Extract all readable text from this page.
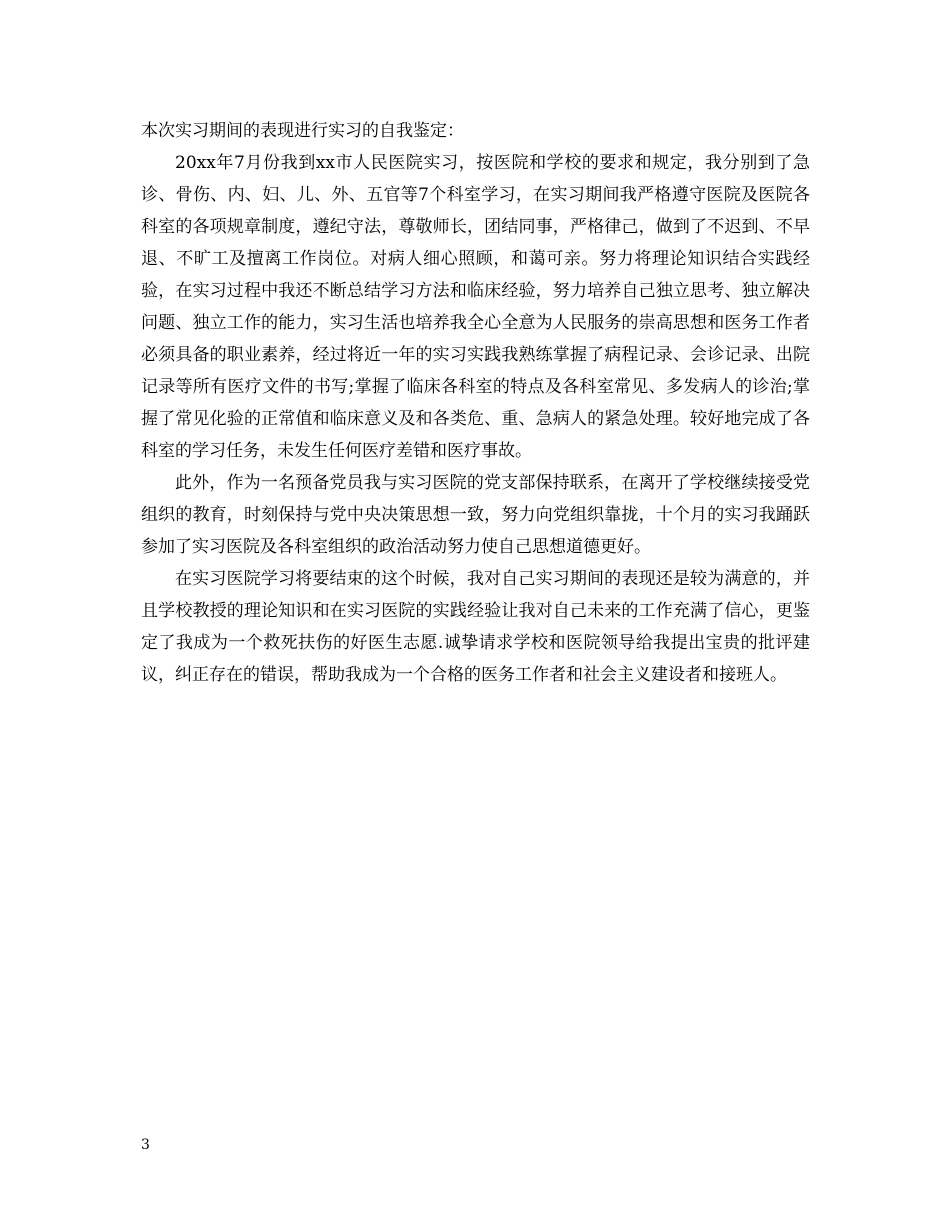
本次实习期间的表现进行实习的自我鉴定：

20xx年7月份我到xx市人民医院实习，按医院和学校的要求和规定，我分别到了急诊、骨伤、内、妇、儿、外、五官等7个科室学习，在实习期间我严格遵守医院及医院各科室的各项规章制度，遵纪守法，尊敬师长，团结同事，严格律己，做到了不迟到、不早退、不旷工及擅离工作岗位。对病人细心照顾，和蔼可亲。努力将理论知识结合实践经验，在实习过程中我还不断总结学习方法和临床经验，努力培养自己独立思考、独立解决问题、独立工作的能力，实习生活也培养我全心全意为人民服务的崇高思想和医务工作者必须具备的职业素养，经过将近一年的实习实践我熟练掌握了病程记录、会诊记录、出院记录等所有医疗文件的书写;掌握了临床各科室的特点及各科室常见、多发病人的诊治;掌握了常见化验的正常值和临床意义及和各类危、重、急病人的紧急处理。较好地完成了各科室的学习任务，未发生任何医疗差错和医疗事故。

此外，作为一名预备党员我与实习医院的党支部保持联系，在离开了学校继续接受党组织的教育，时刻保持与党中央决策思想一致，努力向党组织靠拢，十个月的实习我踊跃参加了实习医院及各科室组织的政治活动努力使自己思想道德更好。

在实习医院学习将要结束的这个时候，我对自己实习期间的表现还是较为满意的，并且学校教授的理论知识和在实习医院的实践经验让我对自己未来的工作充满了信心，更鉴定了我成为一个救死扶伤的好医生志愿.诚挚请求学校和医院领导给我提出宝贵的批评建议，纠正存在的错误，帮助我成为一个合格的医务工作者和社会主义建设者和接班人。

3
